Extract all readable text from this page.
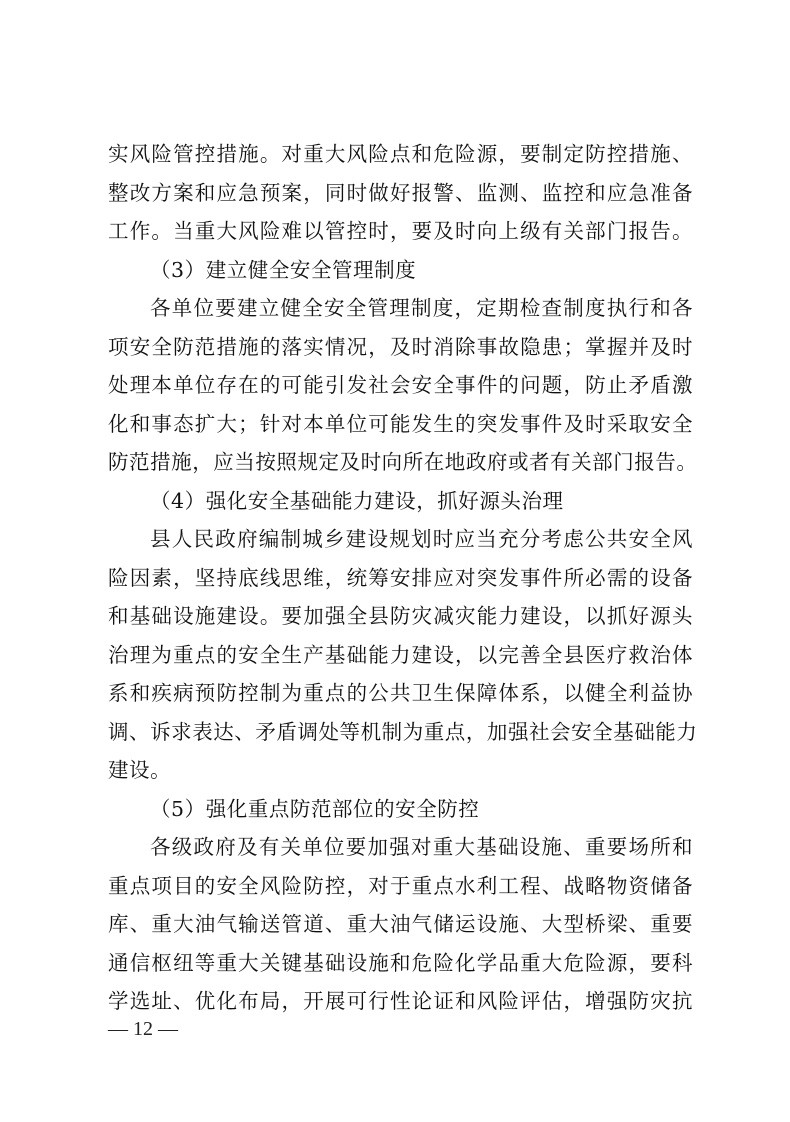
实风险管控措施。对重大风险点和危险源，要制定防控措施、
整改方案和应急预案，同时做好报警、监测、监控和应急准备
工作。当重大风险难以管控时，要及时向上级有关部门报告。
（3）建立健全安全管理制度
各单位要建立健全安全管理制度，定期检查制度执行和各
项安全防范措施的落实情况，及时消除事故隐患；掌握并及时
处理本单位存在的可能引发社会安全事件的问题，防止矛盾激
化和事态扩大；针对本单位可能发生的突发事件及时采取安全
防范措施，应当按照规定及时向所在地政府或者有关部门报告。
（4）强化安全基础能力建设，抓好源头治理
县人民政府编制城乡建设规划时应当充分考虑公共安全风
险因素，坚持底线思维，统筹安排应对突发事件所必需的设备
和基础设施建设。要加强全县防灾减灾能力建设，以抓好源头
治理为重点的安全生产基础能力建设，以完善全县医疗救治体
系和疾病预防控制为重点的公共卫生保障体系，以健全利益协
调、诉求表达、矛盾调处等机制为重点，加强社会安全基础能力
建设。
（5）强化重点防范部位的安全防控
各级政府及有关单位要加强对重大基础设施、重要场所和
重点项目的安全风险防控，对于重点水利工程、战略物资储备
库、重大油气输送管道、重大油气储运设施、大型桥梁、重要
通信枢纽等重大关键基础设施和危险化学品重大危险源，要科
学选址、优化布局，开展可行性论证和风险评估，增强防灾抗
— 12 —
